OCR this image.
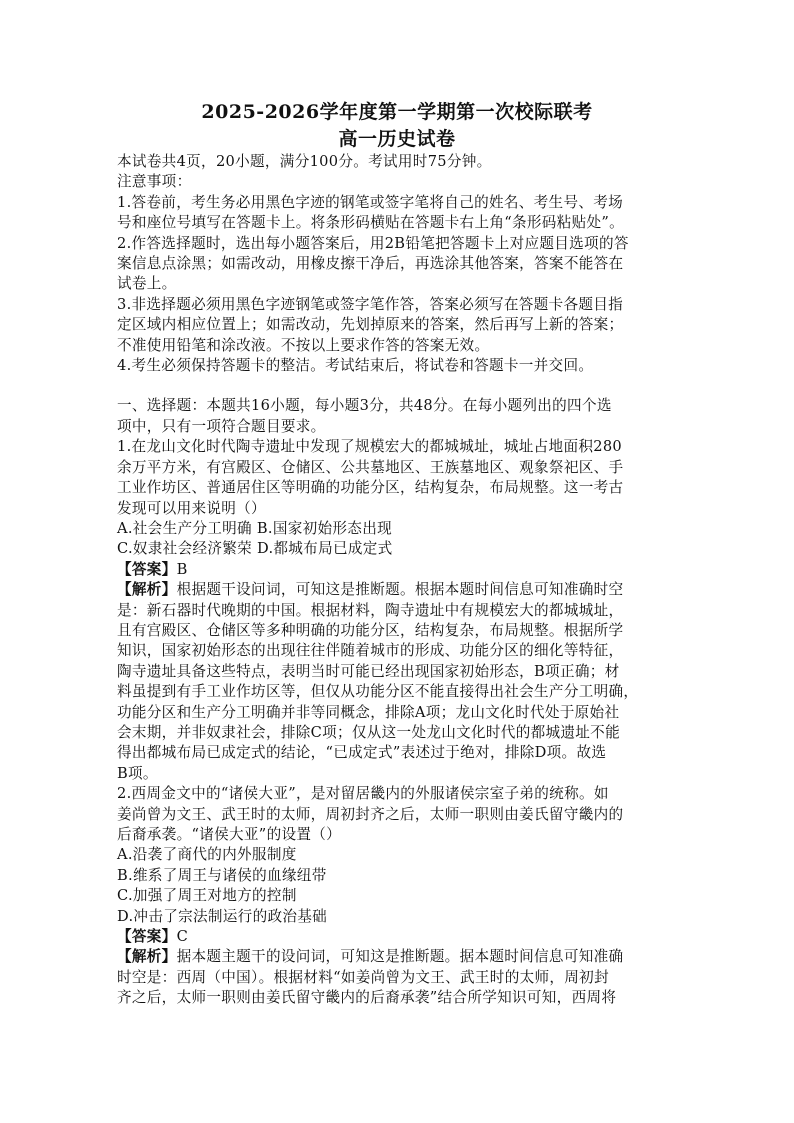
2025-2026学年度第一学期第一次校际联考
高一历史试卷

本试卷共4页，20小题，满分100分。考试用时75分钟。

注意事项：

1.答卷前，考生务必用黑色字迹的钢笔或签字笔将自己的姓名、考生号、考场

号和座位号填写在答题卡上。将条形码横贴在答题卡右上角“条形码粘贴处”。

2.作答选择题时，选出每小题答案后，用2B铅笔把答题卡上对应题目选项的答

案信息点涂黑；如需改动，用橡皮擦干净后，再选涂其他答案，答案不能答在

试卷上。

3.非选择题必须用黑色字迹钢笔或签字笔作答，答案必须写在答题卡各题目指

定区域内相应位置上；如需改动，先划掉原来的答案，然后再写上新的答案；

不准使用铅笔和涂改液。不按以上要求作答的答案无效。

4.考生必须保持答题卡的整洁。考试结束后，将试卷和答题卡一并交回。

一、选择题：本题共16小题，每小题3分，共48分。在每小题列出的四个选

项中，只有一项符合题目要求。

1.在龙山文化时代陶寺遗址中发现了规模宏大的都城城址，城址占地面积280

余万平方米，有宫殿区、仓储区、公共墓地区、王族墓地区、观象祭祀区、手

工业作坊区、普通居住区等明确的功能分区，结构复杂，布局规整。这一考古

发现可以用来说明（）

A.社会生产分工明确 B.国家初始形态出现

C.奴隶社会经济繁荣 D.都城布局已成定式

【答案】B

【解析】根据题干设问词，可知这是推断题。根据本题时间信息可知准确时空

是：新石器时代晚期的中国。根据材料，陶寺遗址中有规模宏大的都城城址，

且有宫殿区、仓储区等多种明确的功能分区，结构复杂，布局规整。根据所学

知识，国家初始形态的出现往往伴随着城市的形成、功能分区的细化等特征，

陶寺遗址具备这些特点，表明当时可能已经出现国家初始形态，B项正确；材

料虽提到有手工业作坊区等，但仅从功能分区不能直接得出社会生产分工明确，

功能分区和生产分工明确并非等同概念，排除A项；龙山文化时代处于原始社

会末期，并非奴隶社会，排除C项；仅从这一处龙山文化时代的都城遗址不能

得出都城布局已成定式的结论，“已成定式”表述过于绝对，排除D项。故选

B项。

2.西周金文中的“诸侯大亚”，是对留居畿内的外服诸侯宗室子弟的统称。如

姜尚曾为文王、武王时的太师，周初封齐之后，太师一职则由姜氏留守畿内的

后裔承袭。“诸侯大亚”的设置（）

A.沿袭了商代的内外服制度

B.维系了周王与诸侯的血缘纽带

C.加强了周王对地方的控制

D.冲击了宗法制运行的政治基础

【答案】C

【解析】据本题主题干的设问词，可知这是推断题。据本题时间信息可知准确

时空是：西周（中国）。根据材料“如姜尚曾为文王、武王时的太师，周初封

齐之后，太师一职则由姜氏留守畿内的后裔承袭”结合所学知识可知，西周将
